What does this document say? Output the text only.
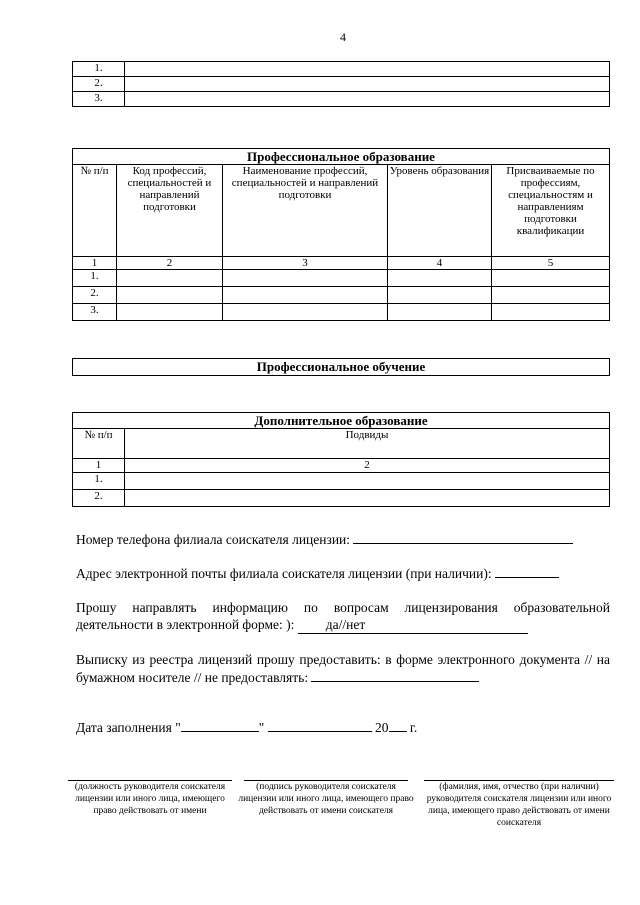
4
1.	
2.	
3.	
Профессиональное образование				
№ п/п	Код профессий, специальностей и направлений подготовки	Наименование профессий, специальностей и направлений подготовки	Уровень образования	Присваиваемые по профессиям, специальностям и направлениям подготовки квалификации
1	2	3	4	5
1.				
2.				
3.				
Профессиональное обучение
Дополнительное образование	
№ п/п	Подвиды
1	2
1.	
2.	
Номер телефона филиала соискателя лицензии:
Адрес электронной почты филиала соискателя лицензии (при наличии):
Прошу направлять информацию по вопросам лицензирования образовательной деятельности в электронной форме: ): да//нет
Выписку из реестра лицензий прошу предоставить: в форме электронного документа // на бумажном носителе // не предоставлять:
Дата заполнения "	"	20 г.
(должность руководителя соискателя лицензии или иного лица, имеющего право действовать от имени
(подпись руководителя соискателя лицензии или иного лица, имеющего право действовать от имени соискателя
(фамилия, имя, отчество (при наличии) руководителя соискателя лицензии или иного лица, имеющего право действовать от имени соискателя
